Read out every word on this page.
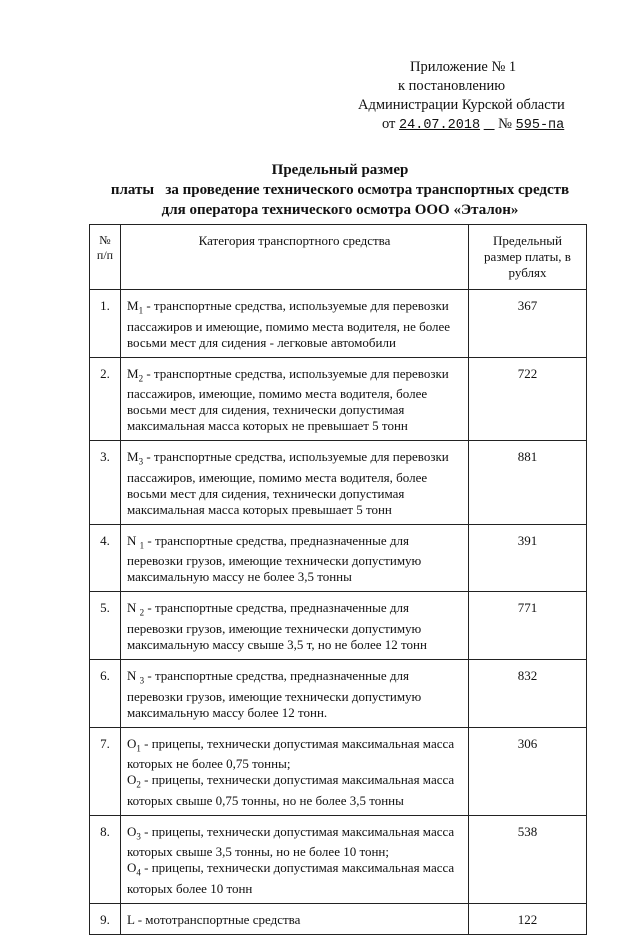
Приложение № 1
к постановлению
Администрации Курской области
от 24.07.2018 № 595-па
Предельный размер
платы   за проведение технического осмотра транспортных средств
для оператора технического осмотра ООО «Эталон»
№ п/п	Категория транспортного средства	Предельный размер платы, в рублях
1.	$M_1$ - транспортные средства, используемые для перевозки пассажиров и имеющие, помимо места водителя, не более восьми мест для сидения - легковые автомобили	367
2.	$M_2$ - транспортные средства, используемые для перевозки пассажиров, имеющие, помимо места водителя, более восьми мест для сидения, технически допустимая максимальная масса которых не превышает 5 тонн	722
3.	$M_3$ - транспортные средства, используемые для перевозки пассажиров, имеющие, помимо места водителя, более восьми мест для сидения, технически допустимая максимальная масса которых превышает 5 тонн	881
4.	N $_1$ - транспортные средства, предназначенные для перевозки грузов, имеющие технически допустимую максимальную массу не более 3,5 тонны	391
5.	N $_2$ - транспортные средства, предназначенные для перевозки грузов, имеющие технически допустимую максимальную массу свыше 3,5 т, но не более 12 тонн	771
6.	N $_3$ - транспортные средства, предназначенные для перевозки грузов, имеющие технически допустимую максимальную массу более 12 тонн.	832
7.	$O_1$ - прицепы, технически допустимая максимальная масса которых не более 0,75 тонны;
$O_2$ - прицепы, технически допустимая максимальная масса которых свыше 0,75 тонны, но не более 3,5 тонны	306
8.	$O_3$ - прицепы, технически допустимая максимальная масса которых свыше 3,5 тонны, но не более 10 тонн;
$O_4$ - прицепы, технически допустимая максимальная масса которых более 10 тонн	538
9.	L - мототранспортные средства	122
